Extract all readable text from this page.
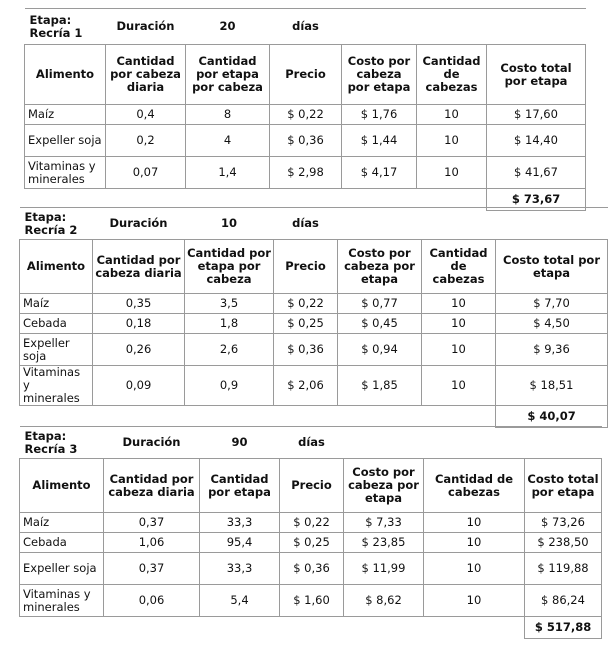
Etapa: Recría 1	Duración	20	días			
Alimento	Cantidad por cabeza diaria	Cantidad por etapa por cabeza	Precio	Costo por cabeza por etapa	Cantidad de cabezas	Costo total por etapa
Maíz	0,4	8	$ 0,22	$ 1,76	10	$ 17,60
Expeller soja	0,2	4	$ 0,36	$ 1,44	10	$ 14,40
Vitaminas y minerales	0,07	1,4	$ 2,98	$ 4,17	10	$ 41,67
						$ 73,67
Etapa: Recría 2	Duración	10	días			
Alimento	Cantidad por cabeza diaria	Cantidad por etapa por cabeza	Precio	Costo por cabeza por etapa	Cantidad de cabezas	Costo total por etapa
Maíz	0,35	3,5	$ 0,22	$ 0,77	10	$ 7,70
Cebada	0,18	1,8	$ 0,25	$ 0,45	10	$ 4,50
Expeller soja	0,26	2,6	$ 0,36	$ 0,94	10	$ 9,36
Vitaminas y minerales	0,09	0,9	$ 2,06	$ 1,85	10	$ 18,51
						$ 40,07
Etapa: Recría 3	Duración	90	días			
Alimento	Cantidad por cabeza diaria	Cantidad por etapa	Precio	Costo por cabeza por etapa	Cantidad de cabezas	Costo total por etapa
Maíz	0,37	33,3	$ 0,22	$ 7,33	10	$ 73,26
Cebada	1,06	95,4	$ 0,25	$ 23,85	10	$ 238,50
Expeller soja	0,37	33,3	$ 0,36	$ 11,99	10	$ 119,88
Vitaminas y minerales	0,06	5,4	$ 1,60	$ 8,62	10	$ 86,24
						$ 517,88
